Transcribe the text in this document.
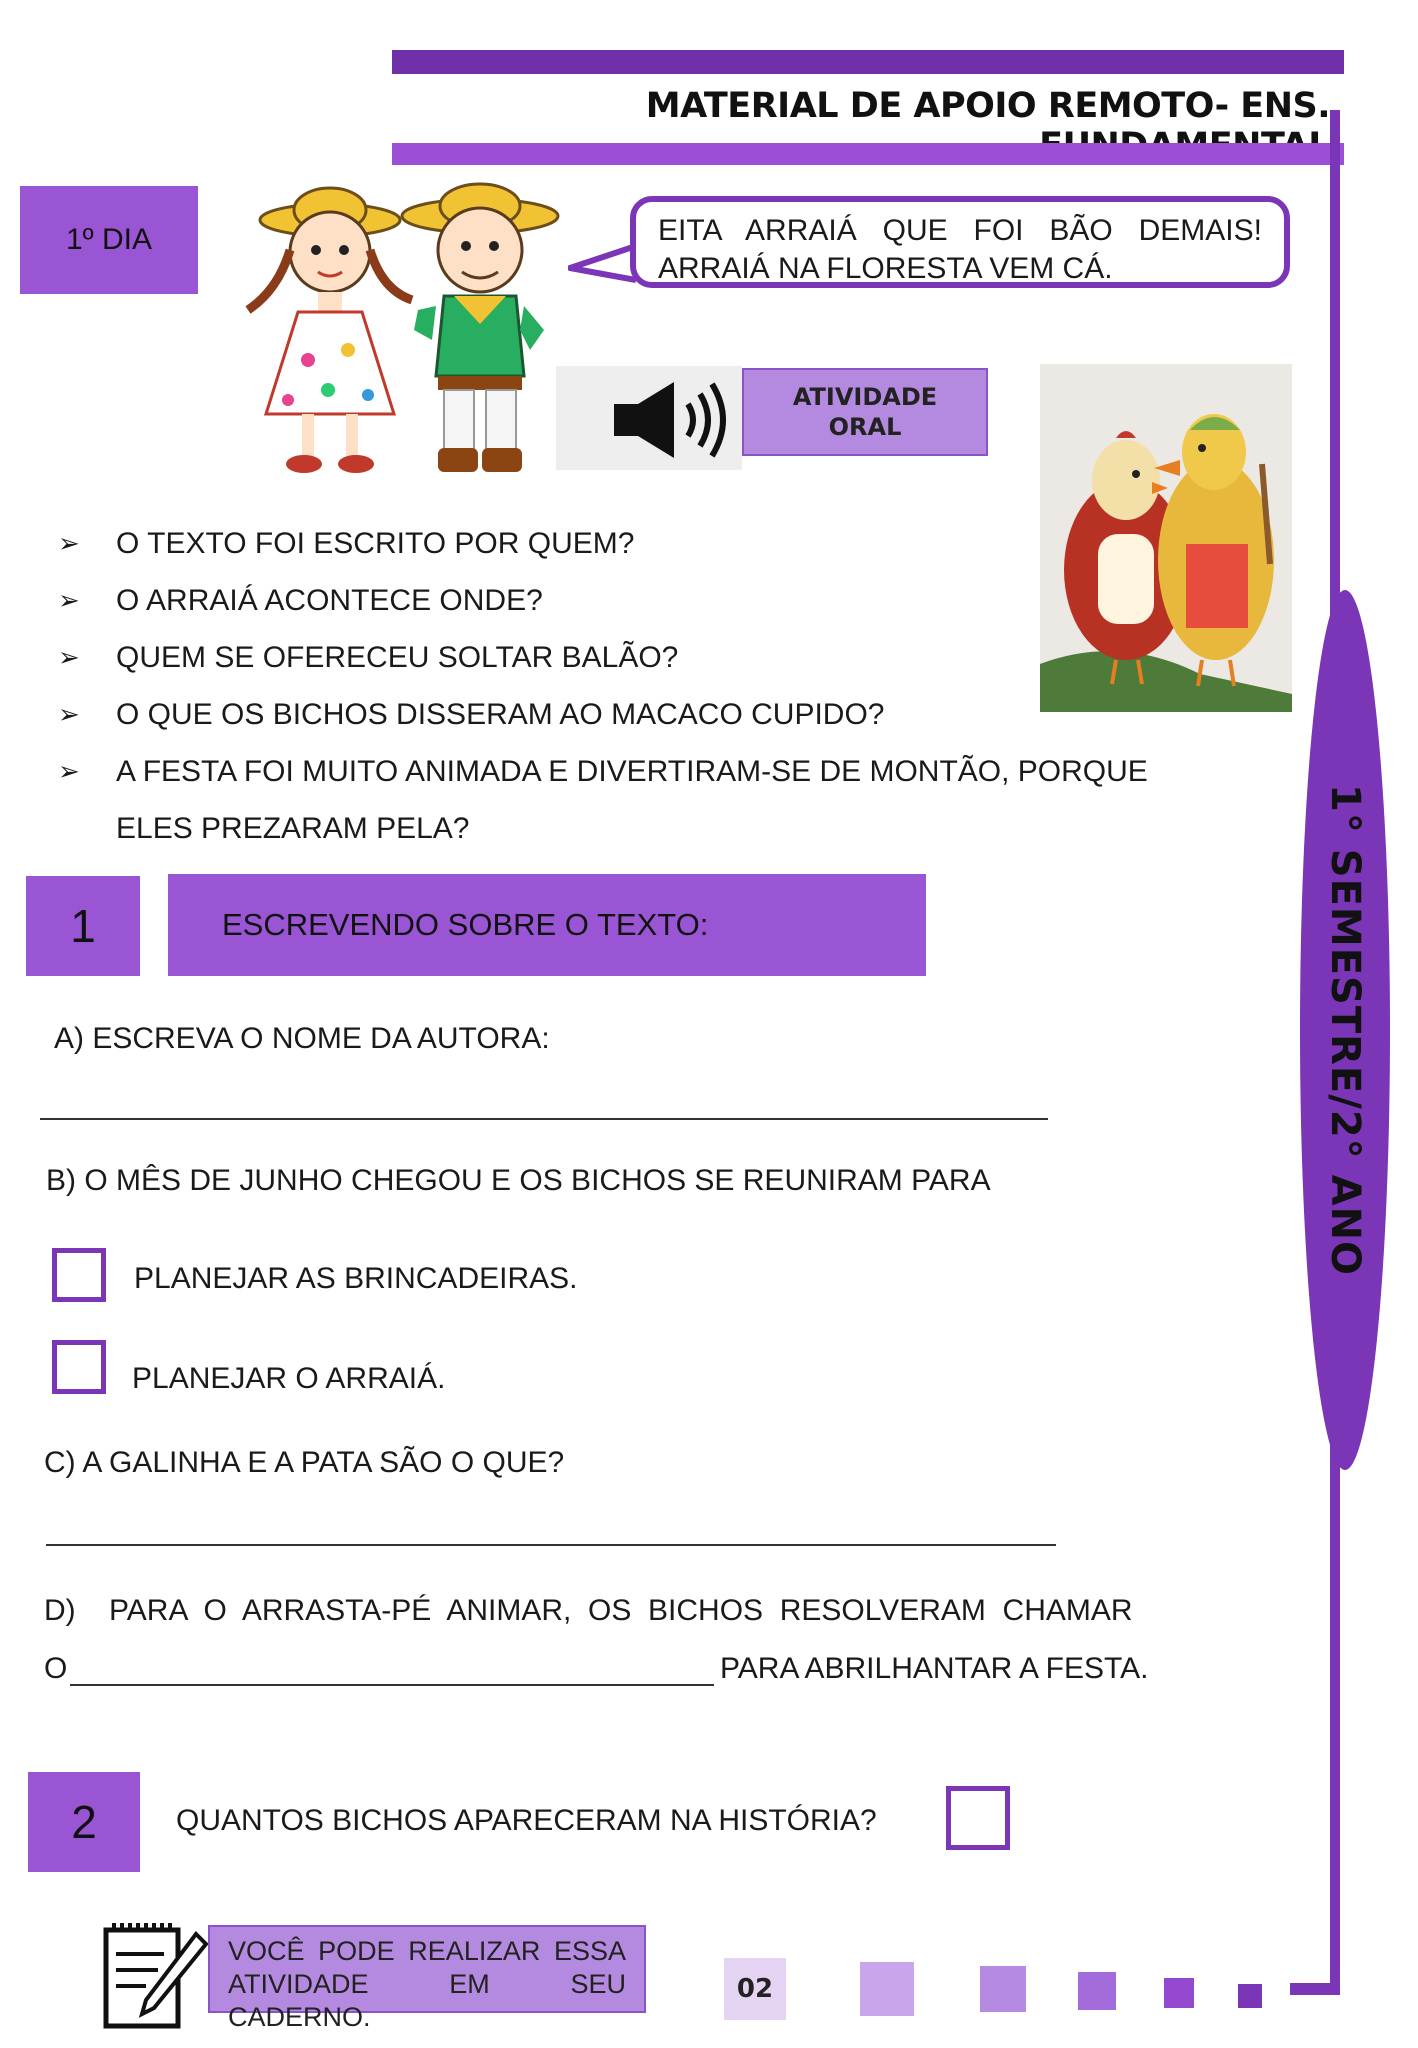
MATERIAL DE APOIO REMOTO- ENS.
1° SEMESTRE/2° ANO
1º DIA	EITA ARRAIÁ QUE FOI BÃO DEMAIS!
ARRAIÁ NA FLORESTA VEM CÁ.
ATIVIDADE
ORAL
➢ O TEXTO FOI ESCRITO POR QUEM?
➢ O ARRAIÁ ACONTECE ONDE?
➢ QUEM SE OFERECEU SOLTAR BALÃO?
➢ O QUE OS BICHOS DISSERAM AO MACACO CUPIDO?
➢ A FESTA FOI MUITO ANIMADA E DIVERTIRAM-SE DE MONTÃO, PORQUE
ELES PREZARAM PELA?
1	ESCREVENDO SOBRE O TEXTO:
A) ESCREVA O NOME DA AUTORA:
B) O MÊS DE JUNHO CHEGOU E OS BICHOS SE REUNIRAM PARA
PLANEJAR AS BRINCADEIRAS.
PLANEJAR O ARRAIÁ.
C) A GALINHA E A PATA SÃO O QUE?
D)    PARA  O  ARRASTA-PÉ  ANIMAR,  OS  BICHOS  RESOLVERAM  CHAMAR
O	PARA ABRILHANTAR A FESTA.
2	QUANTOS BICHOS APARECERAM NA HISTÓRIA?
VOCÊ PODE REALIZAR ESSA
ATIVIDADE EM SEU CADERNO.
02
